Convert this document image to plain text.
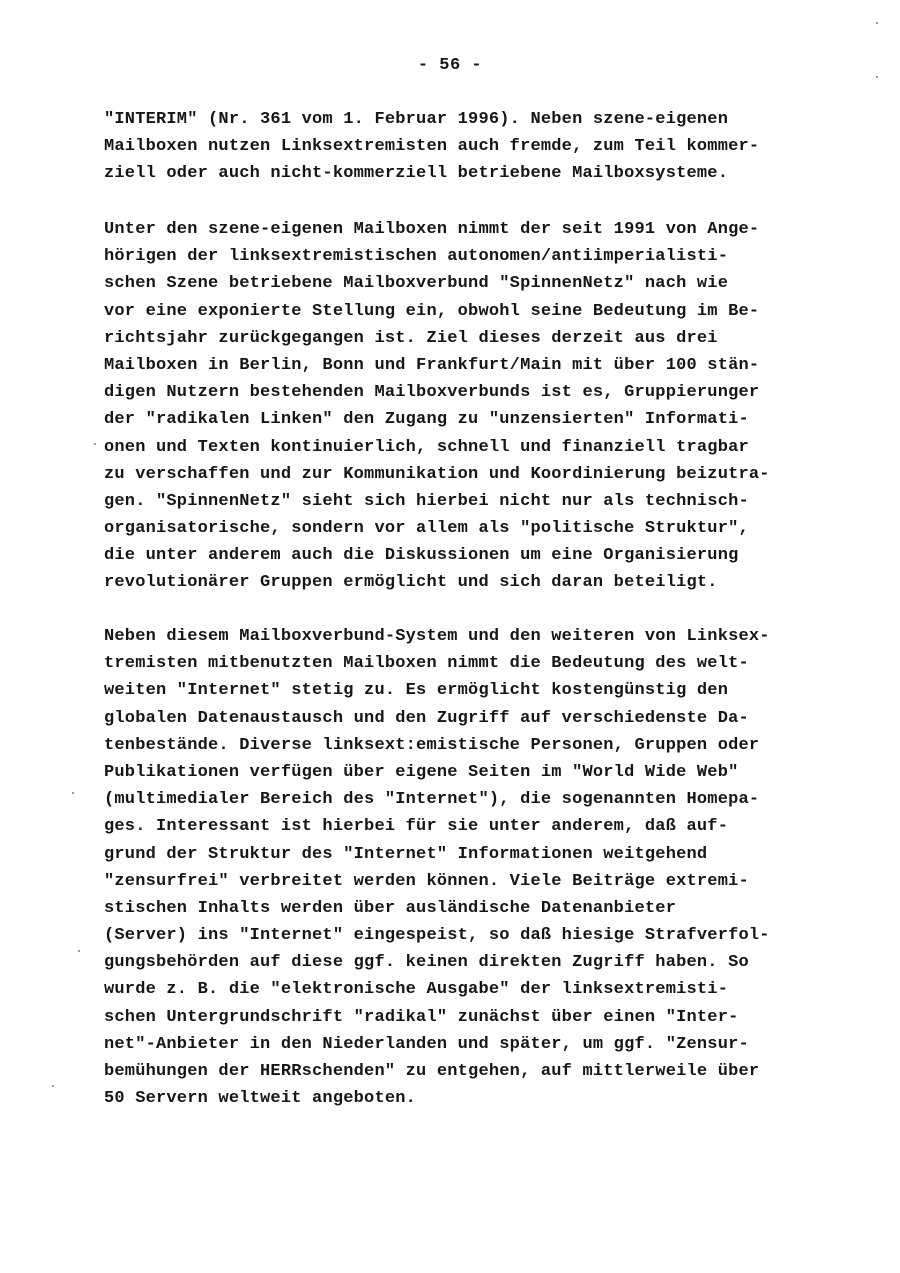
- 56 -
"INTERIM" (Nr. 361 vom 1. Februar 1996). Neben szene-eigenen
Mailboxen nutzen Linksextremisten auch fremde, zum Teil kommer-
ziell oder auch nicht-kommerziell betriebene Mailboxsysteme.
Unter den szene-eigenen Mailboxen nimmt der seit 1991 von Ange-
hörigen der linksextremistischen autonomen/antiimperialisti-
schen Szene betriebene Mailboxverbund "SpinnenNetz" nach wie
vor eine exponierte Stellung ein, obwohl seine Bedeutung im Be-
richtsjahr zurückgegangen ist. Ziel dieses derzeit aus drei
Mailboxen in Berlin, Bonn und Frankfurt/Main mit über 100 stän-
digen Nutzern bestehenden Mailboxverbunds ist es, Gruppierunger
der "radikalen Linken" den Zugang zu "unzensierten" Informati-
onen und Texten kontinuierlich, schnell und finanziell tragbar
zu verschaffen und zur Kommunikation und Koordinierung beizutra-
gen. "SpinnenNetz" sieht sich hierbei nicht nur als technisch-
organisatorische, sondern vor allem als "politische Struktur",
die unter anderem auch die Diskussionen um eine Organisierung
revolutionärer Gruppen ermöglicht und sich daran beteiligt.
Neben diesem Mailboxverbund-System und den weiteren von Linksex-
tremisten mitbenutzten Mailboxen nimmt die Bedeutung des welt-
weiten "Internet" stetig zu. Es ermöglicht kostengünstig den
globalen Datenaustausch und den Zugriff auf verschiedenste Da-
tenbestände. Diverse linksext:emistische Personen, Gruppen oder
Publikationen verfügen über eigene Seiten im "World Wide Web"
(multimedialer Bereich des "Internet"), die sogenannten Homepa-
ges. Interessant ist hierbei für sie unter anderem, daß auf-
grund der Struktur des "Internet" Informationen weitgehend
"zensurfrei" verbreitet werden können. Viele Beiträge extremi-
stischen Inhalts werden über ausländische Datenanbieter
(Server) ins "Internet" eingespeist, so daß hiesige Strafverfol-
gungsbehörden auf diese ggf. keinen direkten Zugriff haben. So
wurde z. B. die "elektronische Ausgabe" der linksextremisti-
schen Untergrundschrift "radikal" zunächst über einen "Inter-
net"-Anbieter in den Niederlanden und später, um ggf. "Zensur-
bemühungen der HERRschenden" zu entgehen, auf mittlerweile über
50 Servern weltweit angeboten.
